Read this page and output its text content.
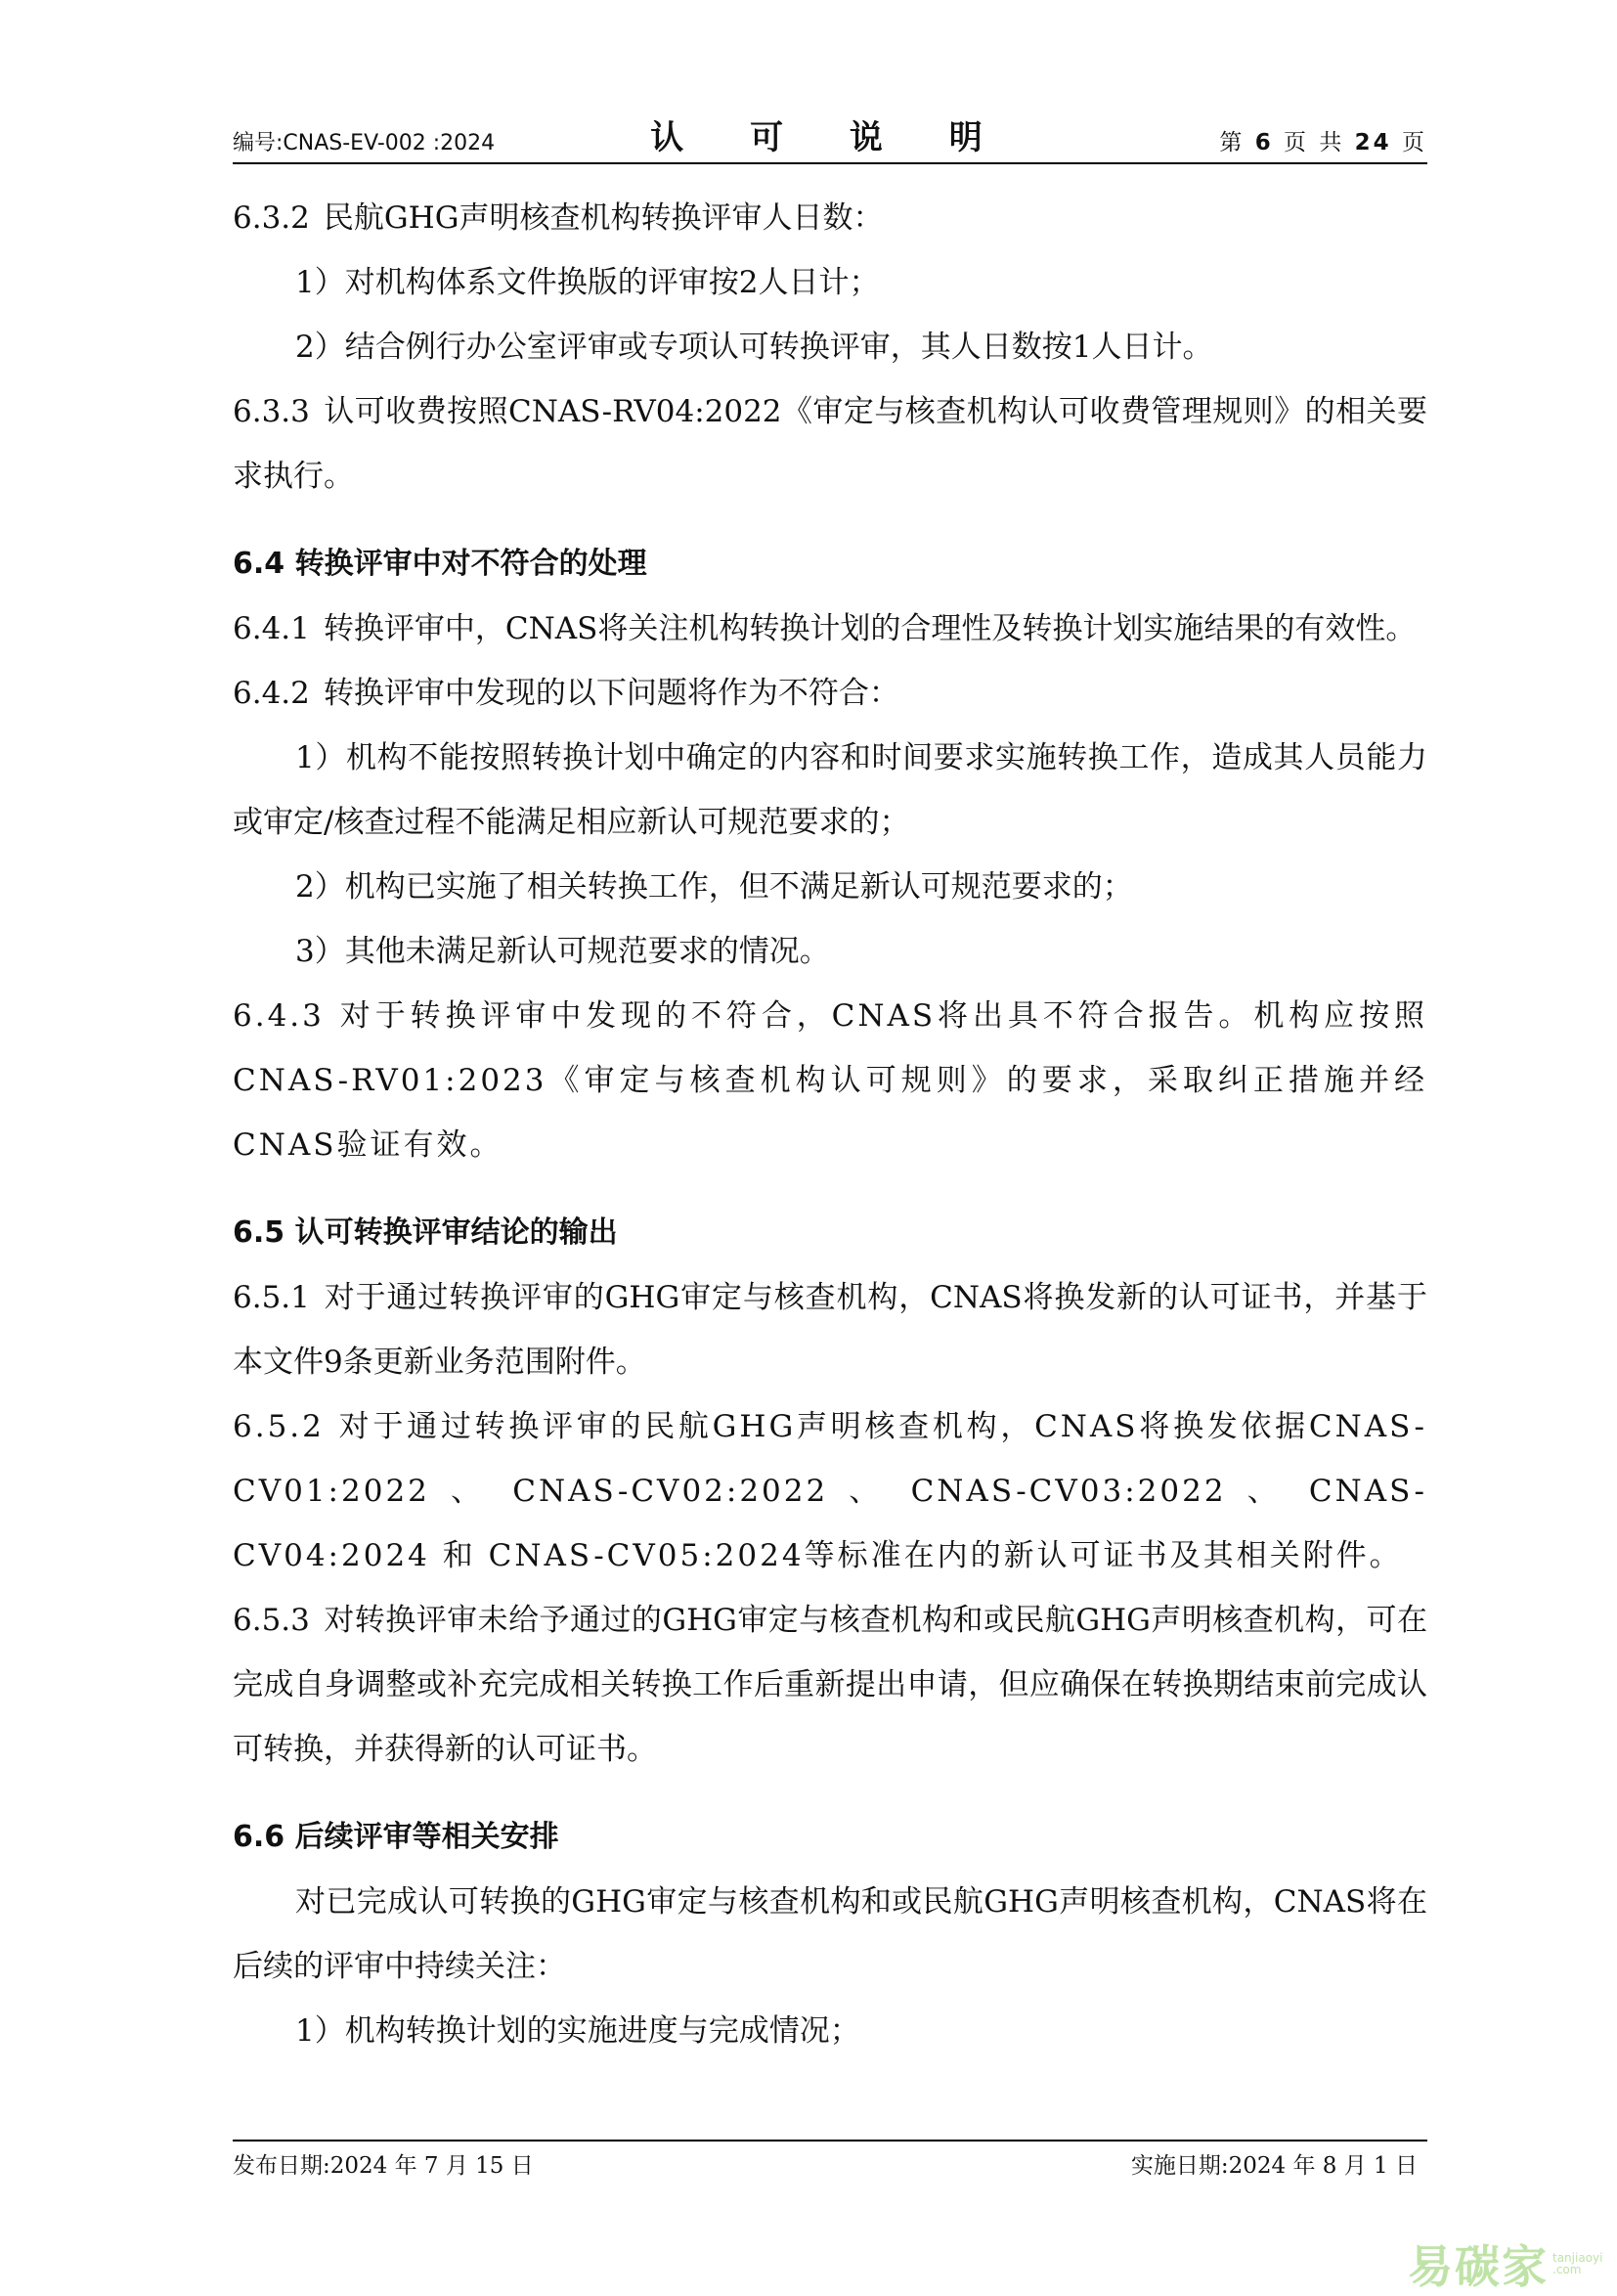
编号:CNAS-EV-002 :2024	认 可 说 明	第 6 页 共 24 页

6.3.2 民航GHG声明核查机构转换评审人日数：

1）对机构体系文件换版的评审按2人日计；

2）结合例行办公室评审或专项认可转换评审，其人日数按1人日计。

6.3.3 认可收费按照CNAS-RV04:2022《审定与核查机构认可收费管理规则》的相关要求执行。

6.4 转换评审中对不符合的处理

6.4.1 转换评审中，CNAS将关注机构转换计划的合理性及转换计划实施结果的有效性。

6.4.2 转换评审中发现的以下问题将作为不符合：

1）机构不能按照转换计划中确定的内容和时间要求实施转换工作，造成其人员能力或审定/核查过程不能满足相应新认可规范要求的；

2）机构已实施了相关转换工作，但不满足新认可规范要求的；

3）其他未满足新认可规范要求的情况。

6.4.3 对于转换评审中发现的不符合，CNAS将出具不符合报告。机构应按照CNAS-RV01:2023《审定与核查机构认可规则》的要求，采取纠正措施并经CNAS验证有效。

6.5 认可转换评审结论的输出

6.5.1 对于通过转换评审的GHG审定与核查机构，CNAS将换发新的认可证书，并基于本文件9条更新业务范围附件。

6.5.2 对于通过转换评审的民航GHG声明核查机构，CNAS将换发依据CNAS-CV01:2022 、 CNAS-CV02:2022 、 CNAS-CV03:2022 、 CNAS-CV04:2024 和 CNAS-CV05:2024等标准在内的新认可证书及其相关附件。

6.5.3 对转换评审未给予通过的GHG审定与核查机构和或民航GHG声明核查机构，可在完成自身调整或补充完成相关转换工作后重新提出申请，但应确保在转换期结束前完成认可转换，并获得新的认可证书。

6.6 后续评审等相关安排

对已完成认可转换的GHG审定与核查机构和或民航GHG声明核查机构，CNAS将在后续的评审中持续关注：

1）机构转换计划的实施进度与完成情况；

发布日期:2024 年 7 月 15 日	实施日期:2024 年 8 月 1 日
易碳家 tanjiaoyi
.com
